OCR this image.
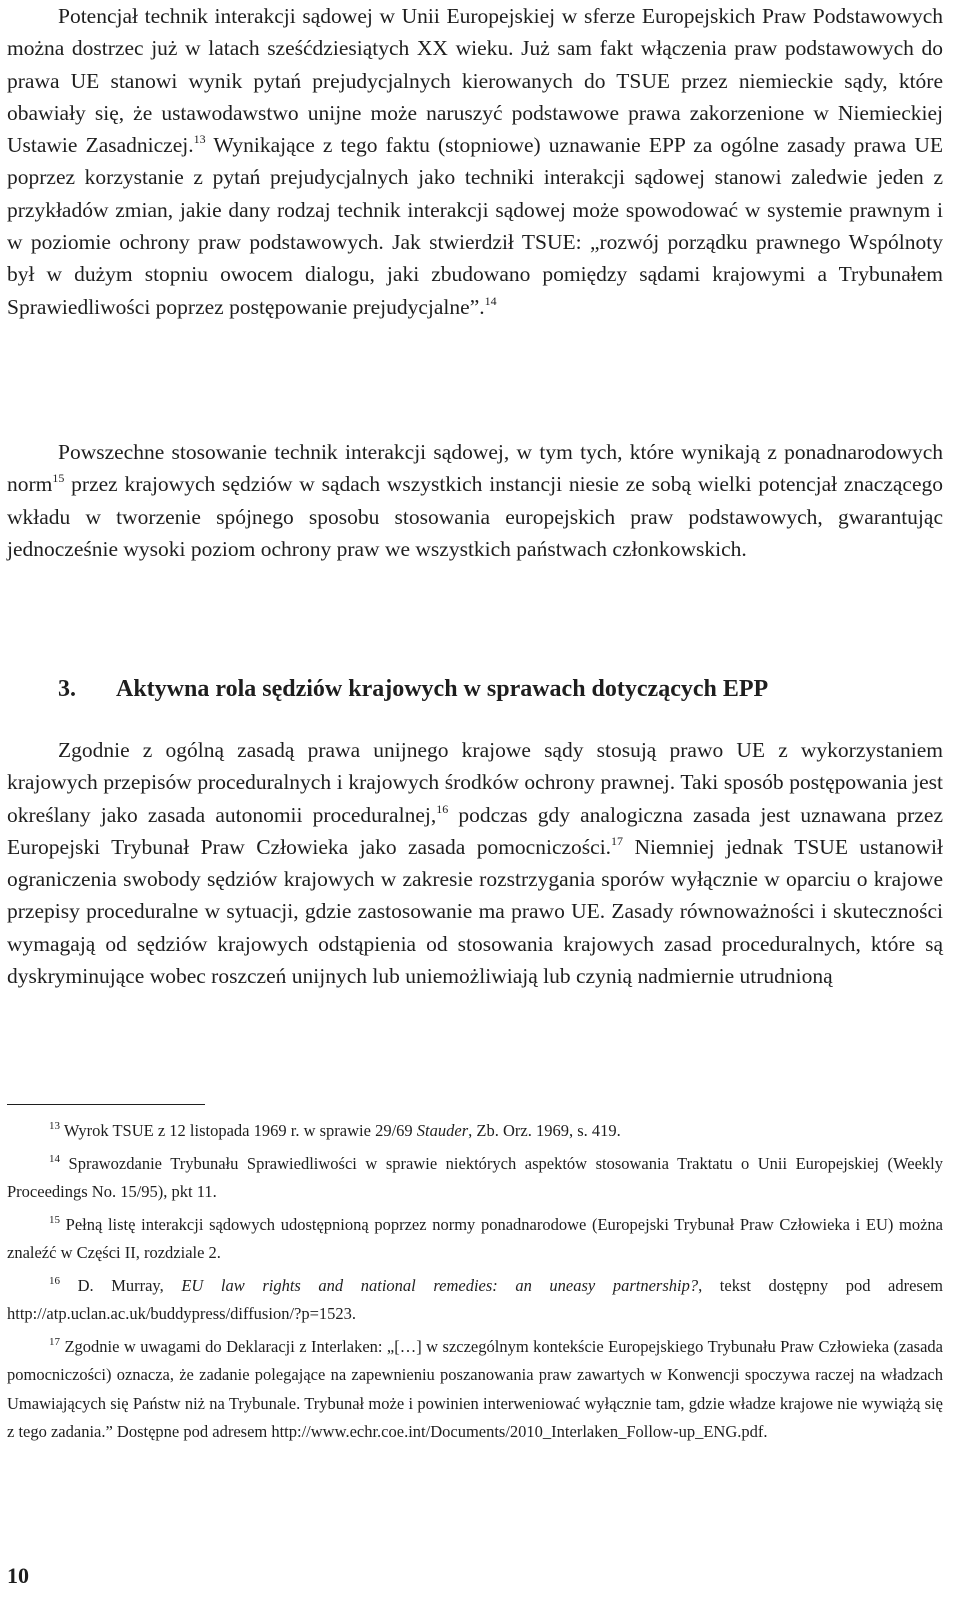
Potencjał technik interakcji sądowej w Unii Europejskiej w sferze Europejskich Praw Podstawowych można dostrzec już w latach sześćdziesiątych XX wieku. Już sam fakt włączenia praw podstawowych do prawa UE stanowi wynik pytań prejudycjalnych kierowanych do TSUE przez niemieckie sądy, które obawiały się, że ustawodawstwo unijne może naruszyć podstawowe prawa zakorzenione w Niemieckiej Ustawie Zasadniczej.$^{13}$ Wynikające z tego faktu (stopniowe) uznawanie EPP za ogólne zasady prawa UE poprzez korzystanie z pytań prejudycjalnych jako techniki interakcji sądowej stanowi zaledwie jeden z przykładów zmian, jakie dany rodzaj technik interakcji sądowej może spowodować w systemie prawnym i w poziomie ochrony praw podstawowych. Jak stwierdził TSUE: „rozwój porządku prawnego Wspólnoty był w dużym stopniu owocem dialogu, jaki zbudowano pomiędzy sądami krajowymi a Trybunałem Sprawiedliwości poprzez postępowanie prejudycjalne”.$^{14}$

Powszechne stosowanie technik interakcji sądowej, w tym tych, które wynikają z ponadnarodowych norm$^{15}$ przez krajowych sędziów w sądach wszystkich instancji niesie ze sobą wielki potencjał znaczącego wkładu w tworzenie spójnego sposobu stosowania europejskich praw podstawowych, gwarantując jednocześnie wysoki poziom ochrony praw we wszystkich państwach członkowskich.

3. Aktywna rola sędziów krajowych w sprawach dotyczących EPP

Zgodnie z ogólną zasadą prawa unijnego krajowe sądy stosują prawo UE z wykorzystaniem krajowych przepisów proceduralnych i krajowych środków ochrony prawnej. Taki sposób postępowania jest określany jako zasada autonomii proceduralnej,$^{16}$ podczas gdy analogiczna zasada jest uznawana przez Europejski Trybunał Praw Człowieka jako zasada pomocniczości.$^{17}$ Niemniej jednak TSUE ustanowił ograniczenia swobody sędziów krajowych w zakresie rozstrzygania sporów wyłącznie w oparciu o krajowe przepisy proceduralne w sytuacji, gdzie zastosowanie ma prawo UE. Zasady równoważności i skuteczności wymagają od sędziów krajowych odstąpienia od stosowania krajowych zasad proceduralnych, które są dyskryminujące wobec roszczeń unijnych lub uniemożliwiają lub czynią nadmiernie utrudnioną

$^{13}$ Wyrok TSUE z 12 listopada 1969 r. w sprawie 29/69 Stauder, Zb. Orz. 1969, s. 419.

$^{14}$ Sprawozdanie Trybunału Sprawiedliwości w sprawie niektórych aspektów stosowania Traktatu o Unii Europejskiej (Weekly Proceedings No. 15/95), pkt 11.

$^{15}$ Pełną listę interakcji sądowych udostępnioną poprzez normy ponadnarodowe (Europejski Trybunał Praw Człowieka i EU) można znaleźć w Części II, rozdziale 2.

$^{16}$ D. Murray, EU law rights and national remedies: an uneasy partnership?, tekst dostępny pod adresem http://atp.uclan.ac.uk/buddypress/diffusion/?p=1523.

$^{17}$ Zgodnie w uwagami do Deklaracji z Interlaken: „[…] w szczególnym kontekście Europejskiego Trybunału Praw Człowieka (zasada pomocniczości) oznacza, że zadanie polegające na zapewnieniu poszanowania praw zawartych w Konwencji spoczywa raczej na władzach Umawiających się Państw niż na Trybunale. Trybunał może i powinien interweniować wyłącznie tam, gdzie władze krajowe nie wywiążą się z tego zadania.” Dostępne pod adresem http://www.echr.coe.int/Documents/2010_Interlaken_Follow-up_ENG.pdf.

10
